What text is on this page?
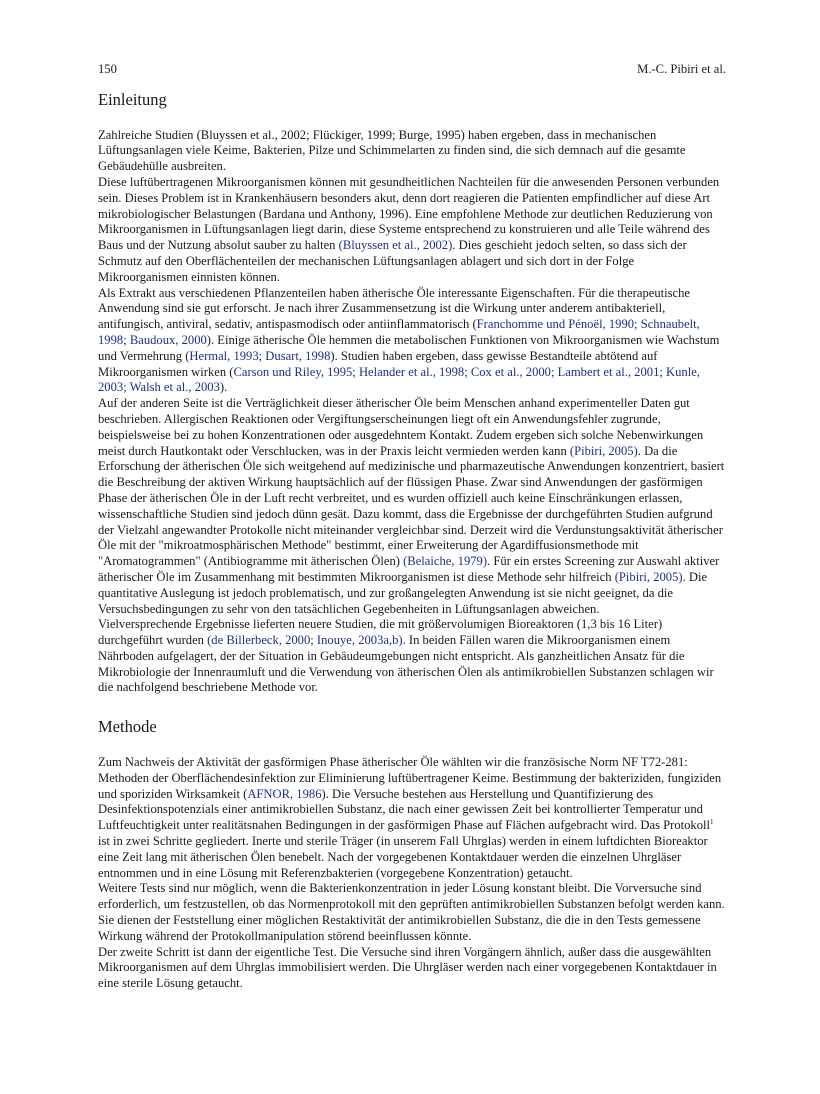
150	M.-C. Pibiri et al.
Einleitung

Zahlreiche Studien (Bluyssen et al., 2002; Flückiger, 1999; Burge, 1995) haben ergeben, dass in mechanischen Lüftungsanlagen viele Keime, Bakterien, Pilze und Schimmelarten zu finden sind, die sich demnach auf die gesamte Gebäudehülle ausbreiten.

Diese luftübertragenen Mikroorganismen können mit gesundheitlichen Nachteilen für die anwesenden Personen verbunden sein. Dieses Problem ist in Krankenhäusern besonders akut, denn dort reagieren die Patienten empfindlicher auf diese Art mikrobiologischer Belastungen (Bardana und Anthony, 1996). Eine empfohlene Methode zur deutlichen Reduzierung von Mikroorganismen in Lüftungsanlagen liegt darin, diese Systeme entsprechend zu konstruieren und alle Teile während des Baus und der Nutzung absolut sauber zu halten (Bluyssen et al., 2002). Dies geschieht jedoch selten, so dass sich der Schmutz auf den Oberflächenteilen der mechanischen Lüftungsanlagen ablagert und sich dort in der Folge Mikroorganismen einnisten können.

Als Extrakt aus verschiedenen Pflanzenteilen haben ätherische Öle interessante Eigenschaften. Für die therapeutische Anwendung sind sie gut erforscht. Je nach ihrer Zusammensetzung ist die Wirkung unter anderem antibakteriell, antifungisch, antiviral, sedativ, antispasmodisch oder antiinflammatorisch (Franchomme und Pénoël, 1990; Schnaubelt, 1998; Baudoux, 2000). Einige ätherische Öle hemmen die metabolischen Funktionen von Mikroorganismen wie Wachstum und Vermehrung (Hermal, 1993; Dusart, 1998). Studien haben ergeben, dass gewisse Bestandteile abtötend auf Mikroorganismen wirken (Carson und Riley, 1995; Helander et al., 1998; Cox et al., 2000; Lambert et al., 2001; Kunle, 2003; Walsh et al., 2003).

Auf der anderen Seite ist die Verträglichkeit dieser ätherischer Öle beim Menschen anhand experimenteller Daten gut beschrieben. Allergischen Reaktionen oder Vergiftungserscheinungen liegt oft ein Anwendungsfehler zugrunde, beispielsweise bei zu hohen Konzentrationen oder ausgedehntem Kontakt. Zudem ergeben sich solche Nebenwirkungen meist durch Hautkontakt oder Verschlucken, was in der Praxis leicht vermieden werden kann (Pibiri, 2005). Da die Erforschung der ätherischen Öle sich weitgehend auf medizinische und pharmazeutische Anwendungen konzentriert, basiert die Beschreibung der aktiven Wirkung hauptsächlich auf der flüssigen Phase. Zwar sind Anwendungen der gasförmigen Phase der ätherischen Öle in der Luft recht verbreitet, und es wurden offiziell auch keine Einschränkungen erlassen, wissenschaftliche Studien sind jedoch dünn gesät. Dazu kommt, dass die Ergebnisse der durchgeführten Studien aufgrund der Vielzahl angewandter Protokolle nicht miteinander vergleichbar sind. Derzeit wird die Verdunstungsaktivität ätherischer Öle mit der "mikroatmosphärischen Methode" bestimmt, einer Erweiterung der Agardiffusionsmethode mit "Aromatogrammen" (Antibiogramme mit ätherischen Ölen) (Belaiche, 1979). Für ein erstes Screening zur Auswahl aktiver ätherischer Öle im Zusammenhang mit bestimmten Mikroorganismen ist diese Methode sehr hilfreich (Pibiri, 2005). Die quantitative Auslegung ist jedoch problematisch, und zur großangelegten Anwendung ist sie nicht geeignet, da die Versuchsbedingungen zu sehr von den tatsächlichen Gegebenheiten in Lüftungsanlagen abweichen.

Vielversprechende Ergebnisse lieferten neuere Studien, die mit größervolumigen Bioreaktoren (1,3 bis 16 Liter) durchgeführt wurden (de Billerbeck, 2000; Inouye, 2003a,b). In beiden Fällen waren die Mikroorganismen einem Nährboden aufgelagert, der der Situation in Gebäudeumgebungen nicht entspricht. Als ganzheitlichen Ansatz für die Mikrobiologie der Innenraumluft und die Verwendung von ätherischen Ölen als antimikrobiellen Substanzen schlagen wir die nachfolgend beschriebene Methode vor.

Methode

Zum Nachweis der Aktivität der gasförmigen Phase ätherischer Öle wählten wir die französische Norm NF T72-281: Methoden der Oberflächendesinfektion zur Eliminierung luftübertragener Keime. Bestimmung der bakteriziden, fungiziden und sporiziden Wirksamkeit (AFNOR, 1986). Die Versuche bestehen aus Herstellung und Quantifizierung des Desinfektionspotenzials einer antimikrobiellen Substanz, die nach einer gewissen Zeit bei kontrollierter Temperatur und Luftfeuchtigkeit unter realitätsnahen Bedingungen in der gasförmigen Phase auf Flächen aufgebracht wird. Das Protokoll$^1$ ist in zwei Schritte gegliedert. Inerte und sterile Träger (in unserem Fall Uhrglas) werden in einem luftdichten Bioreaktor eine Zeit lang mit ätherischen Ölen benebelt. Nach der vorgegebenen Kontaktdauer werden die einzelnen Uhrgläser entnommen und in eine Lösung mit Referenzbakterien (vorgegebene Konzentration) getaucht.

Weitere Tests sind nur möglich, wenn die Bakterienkonzentration in jeder Lösung konstant bleibt. Die Vorversuche sind erforderlich, um festzustellen, ob das Normenprotokoll mit den geprüften antimikrobiellen Substanzen befolgt werden kann. Sie dienen der Feststellung einer möglichen Restaktivität der antimikrobiellen Substanz, die die in den Tests gemessene Wirkung während der Protokollmanipulation störend beeinflussen könnte.

Der zweite Schritt ist dann der eigentliche Test. Die Versuche sind ihren Vorgängern ähnlich, außer dass die ausgewählten Mikroorganismen auf dem Uhrglas immobilisiert werden. Die Uhrgläser werden nach einer vorgegebenen Kontaktdauer in eine sterile Lösung getaucht.
